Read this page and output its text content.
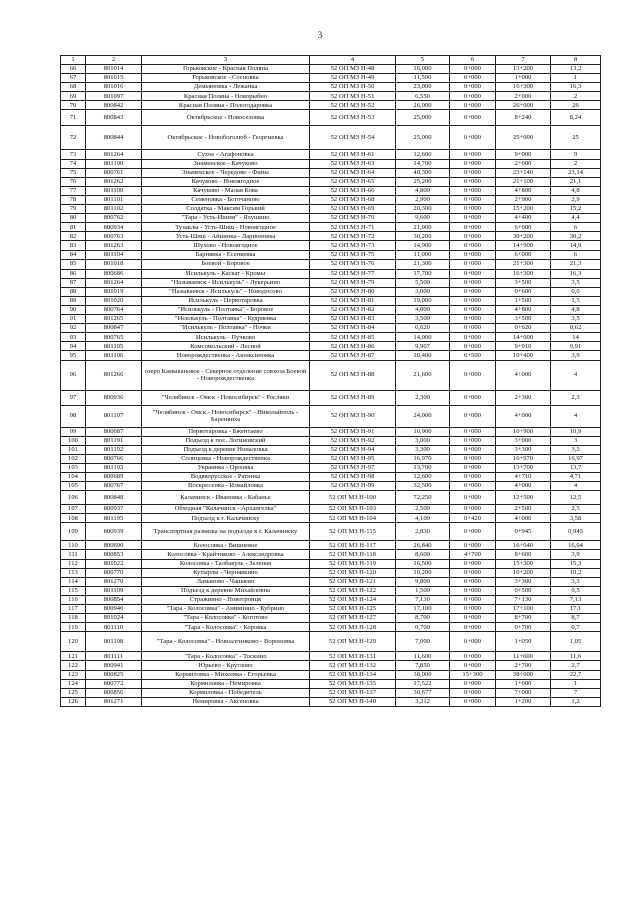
3
1	2	3	4	5	6	7	8
66	801014	Горьковское - Красная Поляна	52 ОП МЗ Н-48	16,000	0+000	13+200	13,2
67	801015	Горьковское - Сосновка	52 ОП МЗ Н-49	11,500	0+000	1+000	1
68	801016	Демьяновка - Лежанка	52 ОП МЗ Н-50	23,000	0+000	16+300	16,3
69	801097	Красная Поляна - Новорыбно	52 ОП МЗ Н-51	6,550	0+000	2+000	2
70	800842	Красная Поляна - Пологодаровка	52 ОП МЗ Н-52	26,000	0+000	26+000	26
71	800843	Октябрьское - Новоселовка	52 ОП МЗ Н-53	25,000	0+000	8+240	8,24
72	800844	Октябрьское - Новобоголюб - Георгиевка	52 ОП МЗ Н-54	25,000	0+000	25+000	25
73	801264	Сухое - Агафоновка	52 ОП МЗ Н-61	12,600	0+000	9+000	9
74	801190	Знаменское - Качуково	52 ОП МЗ Н-63	14,700	0+000	2+000	2
75	800761	Знаменское - Чередово - Фины	52 ОП МЗ Н-64	40,300	0+000	23+140	23,14
76	801262	Качуково - Новоягодное	52 ОП МЗ Н-65	25,200	0+000	21+100	21,1
77	801100	Качуково - Малая Кова	52 ОП МЗ Н-66	4,800	0+000	4+800	4,8
78	801101	Семеновка - Богочаново	52 ОП МЗ Н-68	2,900	0+000	2+900	2,9
79	801102	Солдатка - Максим Горький	52 ОП МЗ Н-69	20,300	0+000	15+200	15,2
80	800762	"Тара - Усть-Ишим" - Яхушино	52 ОП МЗ Н-70	9,600	0+000	4+400	4,4
81	800934	Тузаклы - Усть-Шиш - Новоягодное	52 ОП МЗ Н-71	21,900	0+000	6+000	6
82	800763	Усть-Шиш - Айнинка - Ларионовка	52 ОП МЗ Н-72	30,200	0+000	30+200	30,2
83	801263	Шухово - Новоягодное	52 ОП МЗ Н-73	14,900	0+000	14+900	14,9
84	801104	Барнявка - Есенвевка	52 ОП МЗ Н-75	11,000	0+000	6+000	6
85	801018	Боевой - Боровое	52 ОП МЗ Н-76	21,300	0+000	21+300	21,3
86	800686	Исилькуль - Каскат - Кромы	52 ОП МЗ Н-77	17,700	0+000	16+300	16,3
87	801264	"Называевск - Исилькуль" - Лукерьино	52 ОП МЗ Н-79	5,500	0+000	3+500	3,5
88	801019	"Называевск - Исилькуль" - Новодосово	52 ОП МЗ Н-80	3,000	0+000	0+600	0,6
89	801020	Исилькуль - Первотаровка	52 ОП МЗ Н-81	19,000	0+000	1+500	1,5
90	800764	"Исилькуль - Полтавка" - Боровое	52 ОП МЗ Н-82	4,800	0+000	4+800	4,8
91	801265	"Исилькуль - Полтавка" - Кудряевка	52 ОП МЗ Н-83	3,500	0+000	3+500	3,5
92	800847	"Исилькуль - Полтавка" - Ночки	52 ОП МЗ Н-84	0,620	0+000	0+620	0,62
93	800765	Исилькуль - Пучково	52 ОП МЗ Н-85	14,000	0+000	14+000	14
94	801105	Комсомольский - Лесной	52 ОП МЗ Н-86	9,907	0+000	9+910	9,91
95	801106	Новорождественка - Аюнксиновка	52 ОП МЗ Н-87	10,400	6+500	10+400	3,9
96	801266	озеро Камыкановое - Северное отделение совхоза Боевой - Новорождественка	52 ОП МЗ Н-88	21,600	0+000	4+000	4
97	800936	"Челябинск - Омск - Новосибирск" - Росляки	52 ОП МЗ Н-89	2,300	0+000	2+300	2,3
98	801107	"Челябинск - Омск - Новосибирск" - Николайполь - Баренвиха	52 ОП МЗ Н-90	24,000	0+000	4+000	4
99	800687	Первотаровка - Бжентаево	52 ОП МЗ Н-91	10,900	0+000	10+900	10,9
100	801191	Подъезд к пос. Логиновский	52 ОП МЗ Н-92	3,000	0+000	3+000	3
101	801192	Подъезд к деревне Ноналовка	52 ОП МЗ Н-94	3,300	0+000	3+300	3,3
102	800766	Солнцевка - Новорождественка	52 ОП МЗ Н-95	16,970	0+000	16+970	16,97
103	801193	Украинка - Орловка	52 ОП МЗ Н-97	13,700	0+000	13+700	13,7
104	800689	Водякорусское - Ратника	52 ОП МЗ Н-98	12,600	0+000	4+710	4,71
105	800767	Воскресенка - Измайловка	52 ОП МЗ Н-99	32,500	0+000	4+000	4
106	800848	Калачинск - Ивановка - Кабанье	52 ОП МЗ Н-100	72,250	0+000	12+500	12,5
107	800937	Обходная "Калачинск - Архангелка"	52 ОП МЗ Н-103	2,500	0+000	2+500	2,5
108	801195	Подъезд к г. Калачинску	52 ОП МЗ Н-104	4,100	0+420	4+000	3,58
109	800939	Транспортная развязка на подъезде к г. Калачинску	52 ОП МЗ Н-115	2,830	0+000	0+945	0,945
110	800690	Колосовка - Вишневое	52 ОП МЗ Н-117	26,840	0+000	16+040	16,04
111	800853	Колосовка - Крайчиково - Александровка	52 ОП МЗ Н-118	8,600	4+700	8+600	3,9
112	801022	Колосовка - Талбакуль - Зеленая	52 ОП МЗ Н-119	16,500	0+000	15+300	15,3
113	800770	Кутырлы - Чернявкино	52 ОП МЗ Н-120	10,200	0+000	10+200	10,2
114	801270	Ламаново - Чашаево	52 ОП МЗ Н-121	9,800	0+000	3+300	3,3
115	801109	Подъезд к деревне Михайловна	52 ОП МЗ Н-122	1,500	0+000	0+500	0,5
116	800854	Стражиино - Новотроицк	52 ОП МЗ Н-124	7,130	0+000	7+130	7,13
117	800940	"Тара - Колосовка" - Аннинино - Кубрино	52 ОП МЗ Н-125	17,100	0+000	17+100	17,1
118	801024	"Тара - Колосовка" - Коготово	52 ОП МЗ Н-127	8,700	0+000	8+700	8,7
119	801110	"Тара - Колосовка" - Коровка	52 ОП МЗ Н-128	0,700	0+000	0+700	0,7
120	801198	"Тара - Колосовка" - Новоалгинково - Вороновка	52 ОП МЗ Н-129	7,000	0+000	1+050	1,05
121	801111	"Тара - Колосовка" - Тоскино	52 ОП МЗ Н-131	11,600	0+000	11+600	11,6
122	800941	Юрьево - Круглово	52 ОП МЗ Н-132	7,850	0+000	2+700	2,7
123	800825	Кормиловка - Михеевка - Егорьевка	52 ОП МЗ Н-134	38,000	15+300	38+000	22,7
124	800772	Кормиловка - Немировка	52 ОП МЗ Н-135	17,522	0+000	1+000	1
125	800856	Кормиловка - Победитель	52 ОП МЗ Н-137	30,677	0+000	7+000	7
126	801271	Немировка - Аксеновка	52 ОП МЗ Н-140	3,212	0+000	1+200	1,2
